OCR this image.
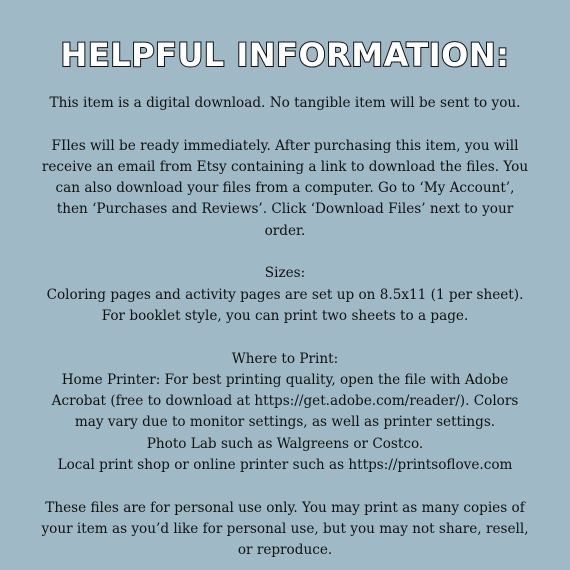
HELPFUL INFORMATION:
This item is a digital download. No tangible item will be sent to you.
FIles will be ready immediately. After purchasing this item, you will
receive an email from Etsy containing a link to download the files. You
can also download your files from a computer. Go to ‘My Account’,
then ‘Purchases and Reviews’. Click ‘Download Files’ next to your
order.
Sizes:
Coloring pages and activity pages are set up on 8.5x11 (1 per sheet).
For booklet style, you can print two sheets to a page.
Where to Print:
Home Printer: For best printing quality, open the file with Adobe
Acrobat (free to download at https://get.adobe.com/reader/). Colors
may vary due to monitor settings, as well as printer settings.
Photo Lab such as Walgreens or Costco.
Local print shop or online printer such as https://printsoflove.com
These files are for personal use only. You may print as many copies of
your item as you’d like for personal use, but you may not share, resell,
or reproduce.
